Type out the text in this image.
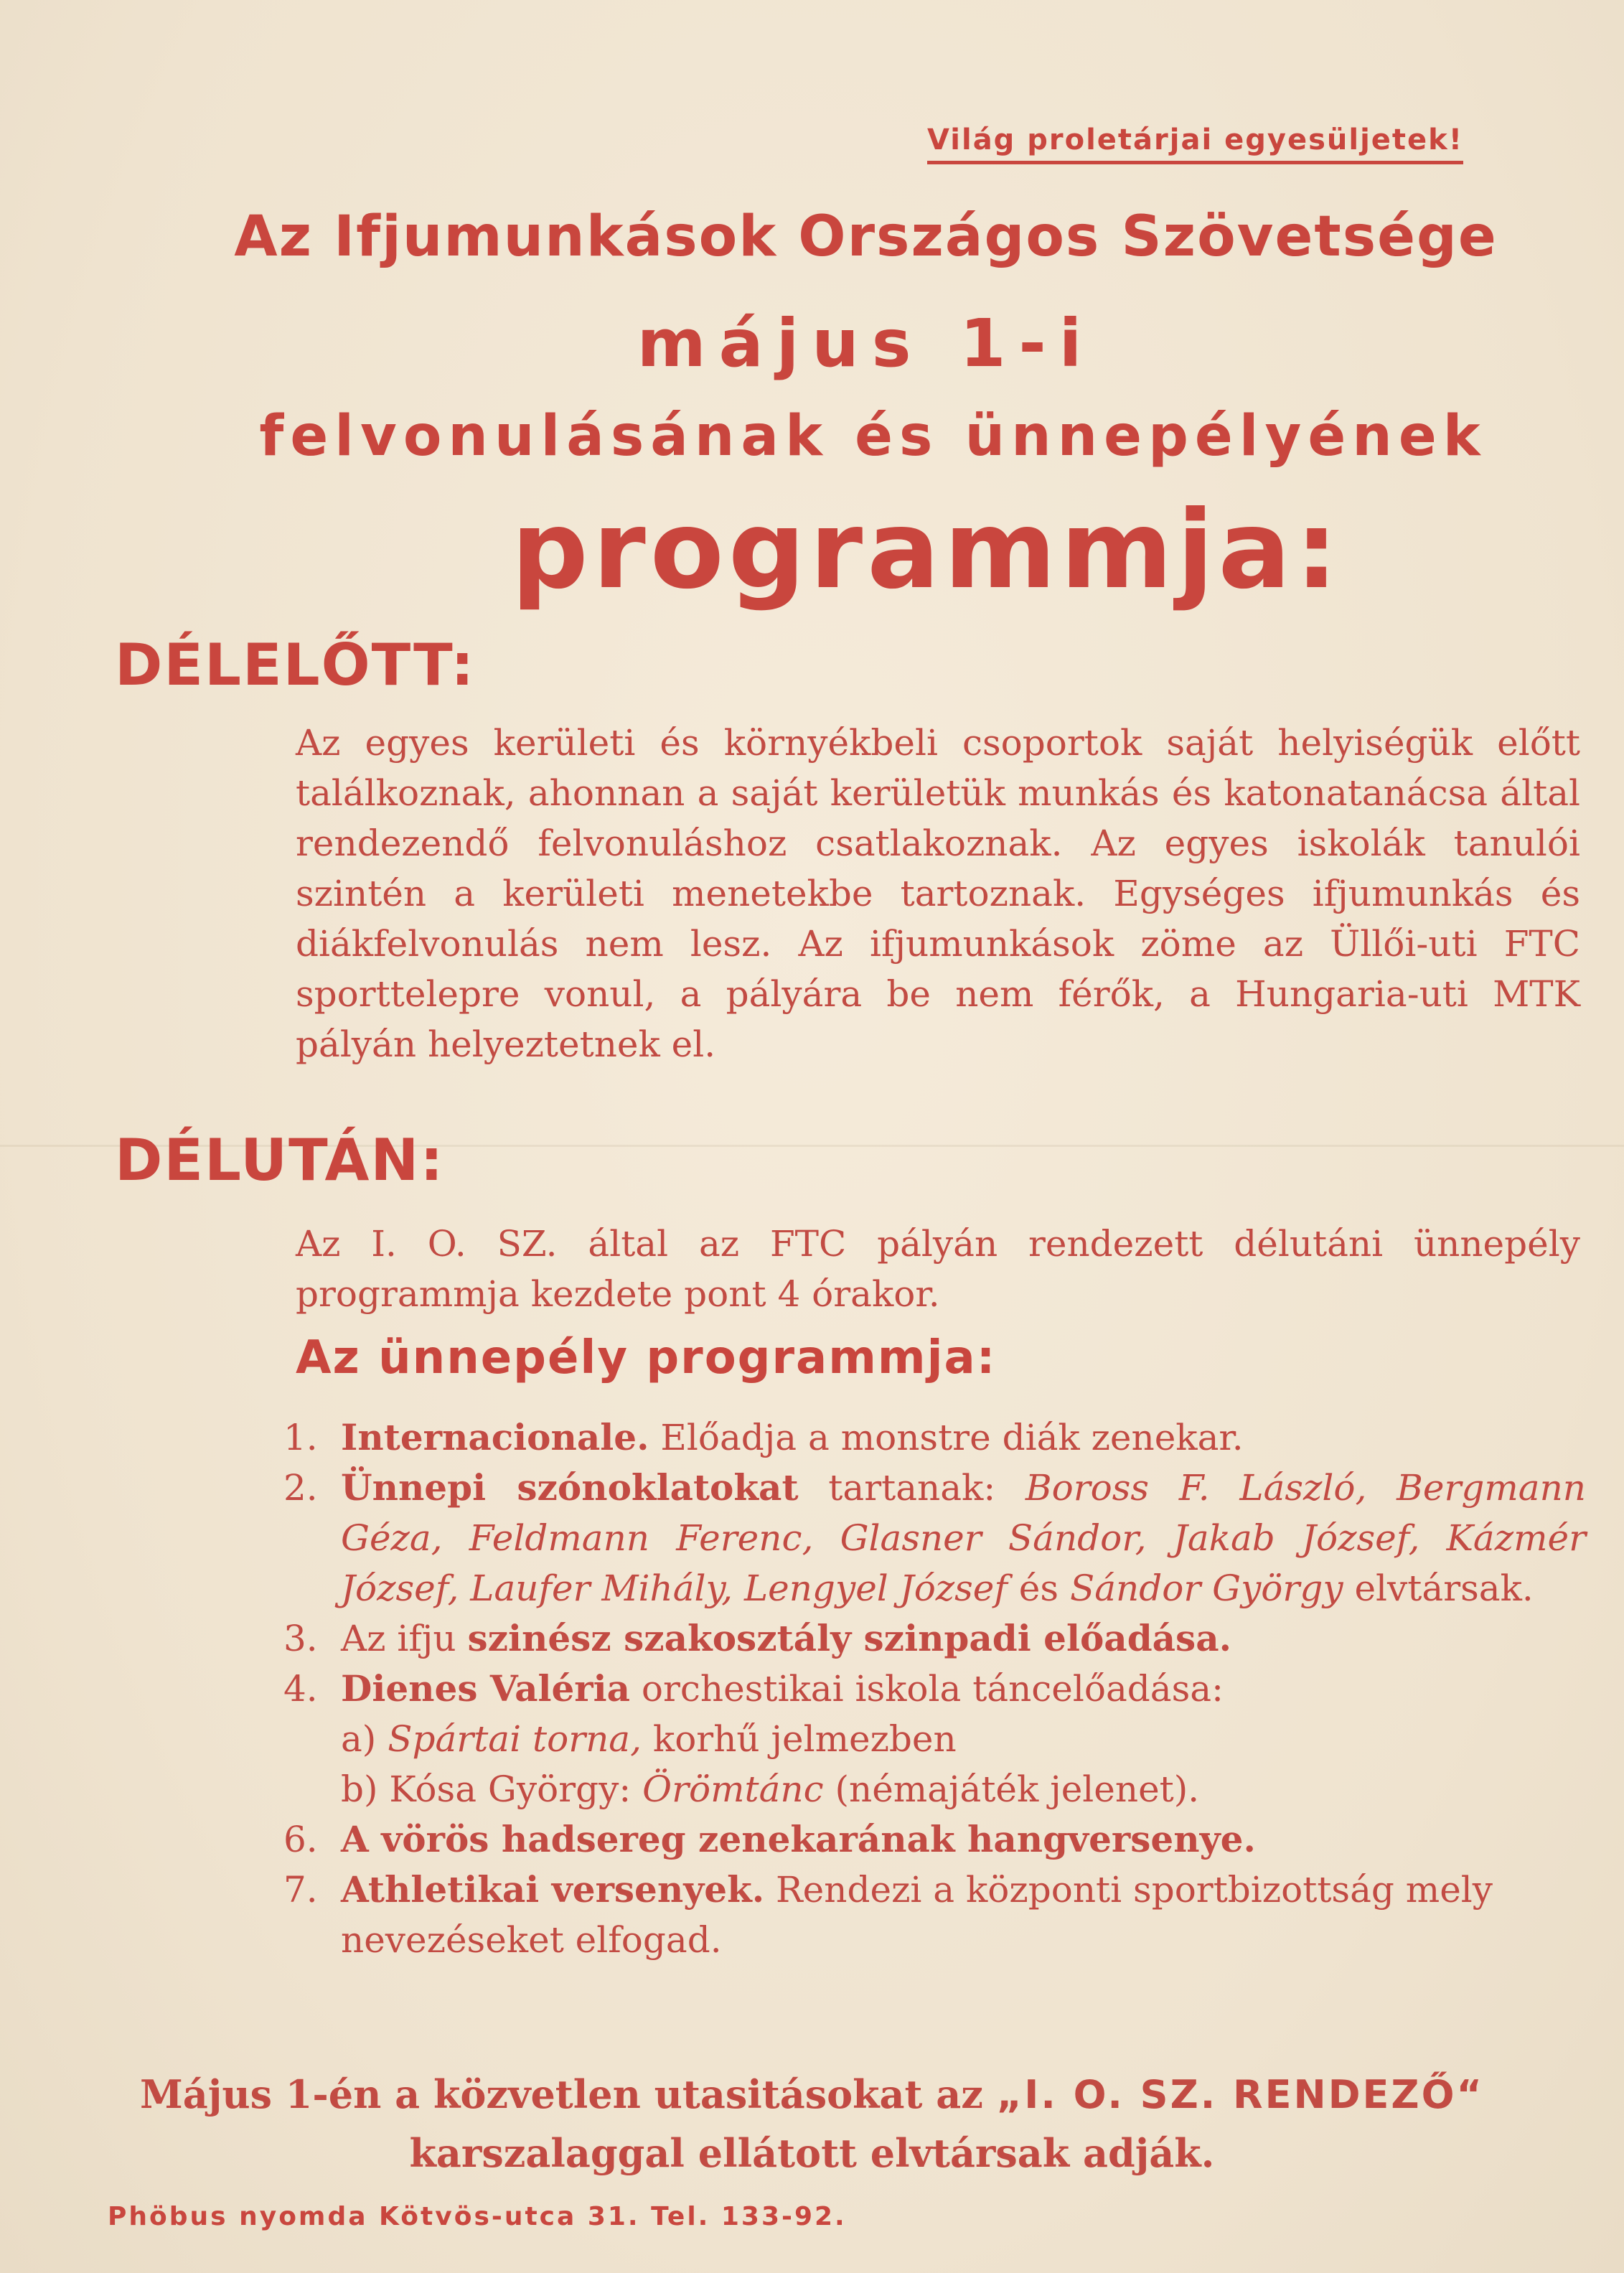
Világ proletárjai egyesüljetek!
Az Ifjumunkások Országos Szövetsége
május 1-i
felvonulásának és ünnepélyének
programmja:
DÉLELŐTT:
Az egyes kerületi és környékbeli csoportok saját helyiségük előtt találkoznak, ahonnan a saját kerületük munkás és katonatanácsa által rendezendő felvonuláshoz csatlakoznak. Az egyes iskolák tanulói szintén a kerületi menetekbe tartoznak. Egységes ifjumunkás és diákfelvonulás nem lesz. Az ifjumunkások zöme az Üllői-uti FTC sporttelepre vonul, a pályára be nem férők, a Hungaria-uti MTK pályán helyeztetnek el.
DÉLUTÁN:
Az I. O. SZ. által az FTC pályán rendezett délutáni ünnepély programmja kezdete pont 4 órakor.
Az ünnepély programmja:
1. Internacionale. Előadja a monstre diák zenekar.
2. Ünnepi szónoklatokat tartanak: Boross F. László, Bergmann Géza, Feldmann Ferenc, Glasner Sándor, Jakab József, Kázmér József, Laufer Mihály, Lengyel József és Sándor György elvtársak.
3. Az ifju szinész szakosztály szinpadi előadása.
4. Dienes Valéria orchestikai iskola táncelőadása:
a) Spártai torna, korhű jelmezben
b) Kósa György: Örömtánc (némajáték jelenet).
6. A vörös hadsereg zenekarának hangversenye.
7. Athletikai versenyek. Rendezi a központi sportbizottság mely nevezéseket elfogad.
Május 1-én a közvetlen utasitásokat az „I. O. SZ. RENDEZŐ“
karszalaggal ellátott elvtársak adják.
Phöbus nyomda Kötvös-utca 31. Tel. 133-92.
